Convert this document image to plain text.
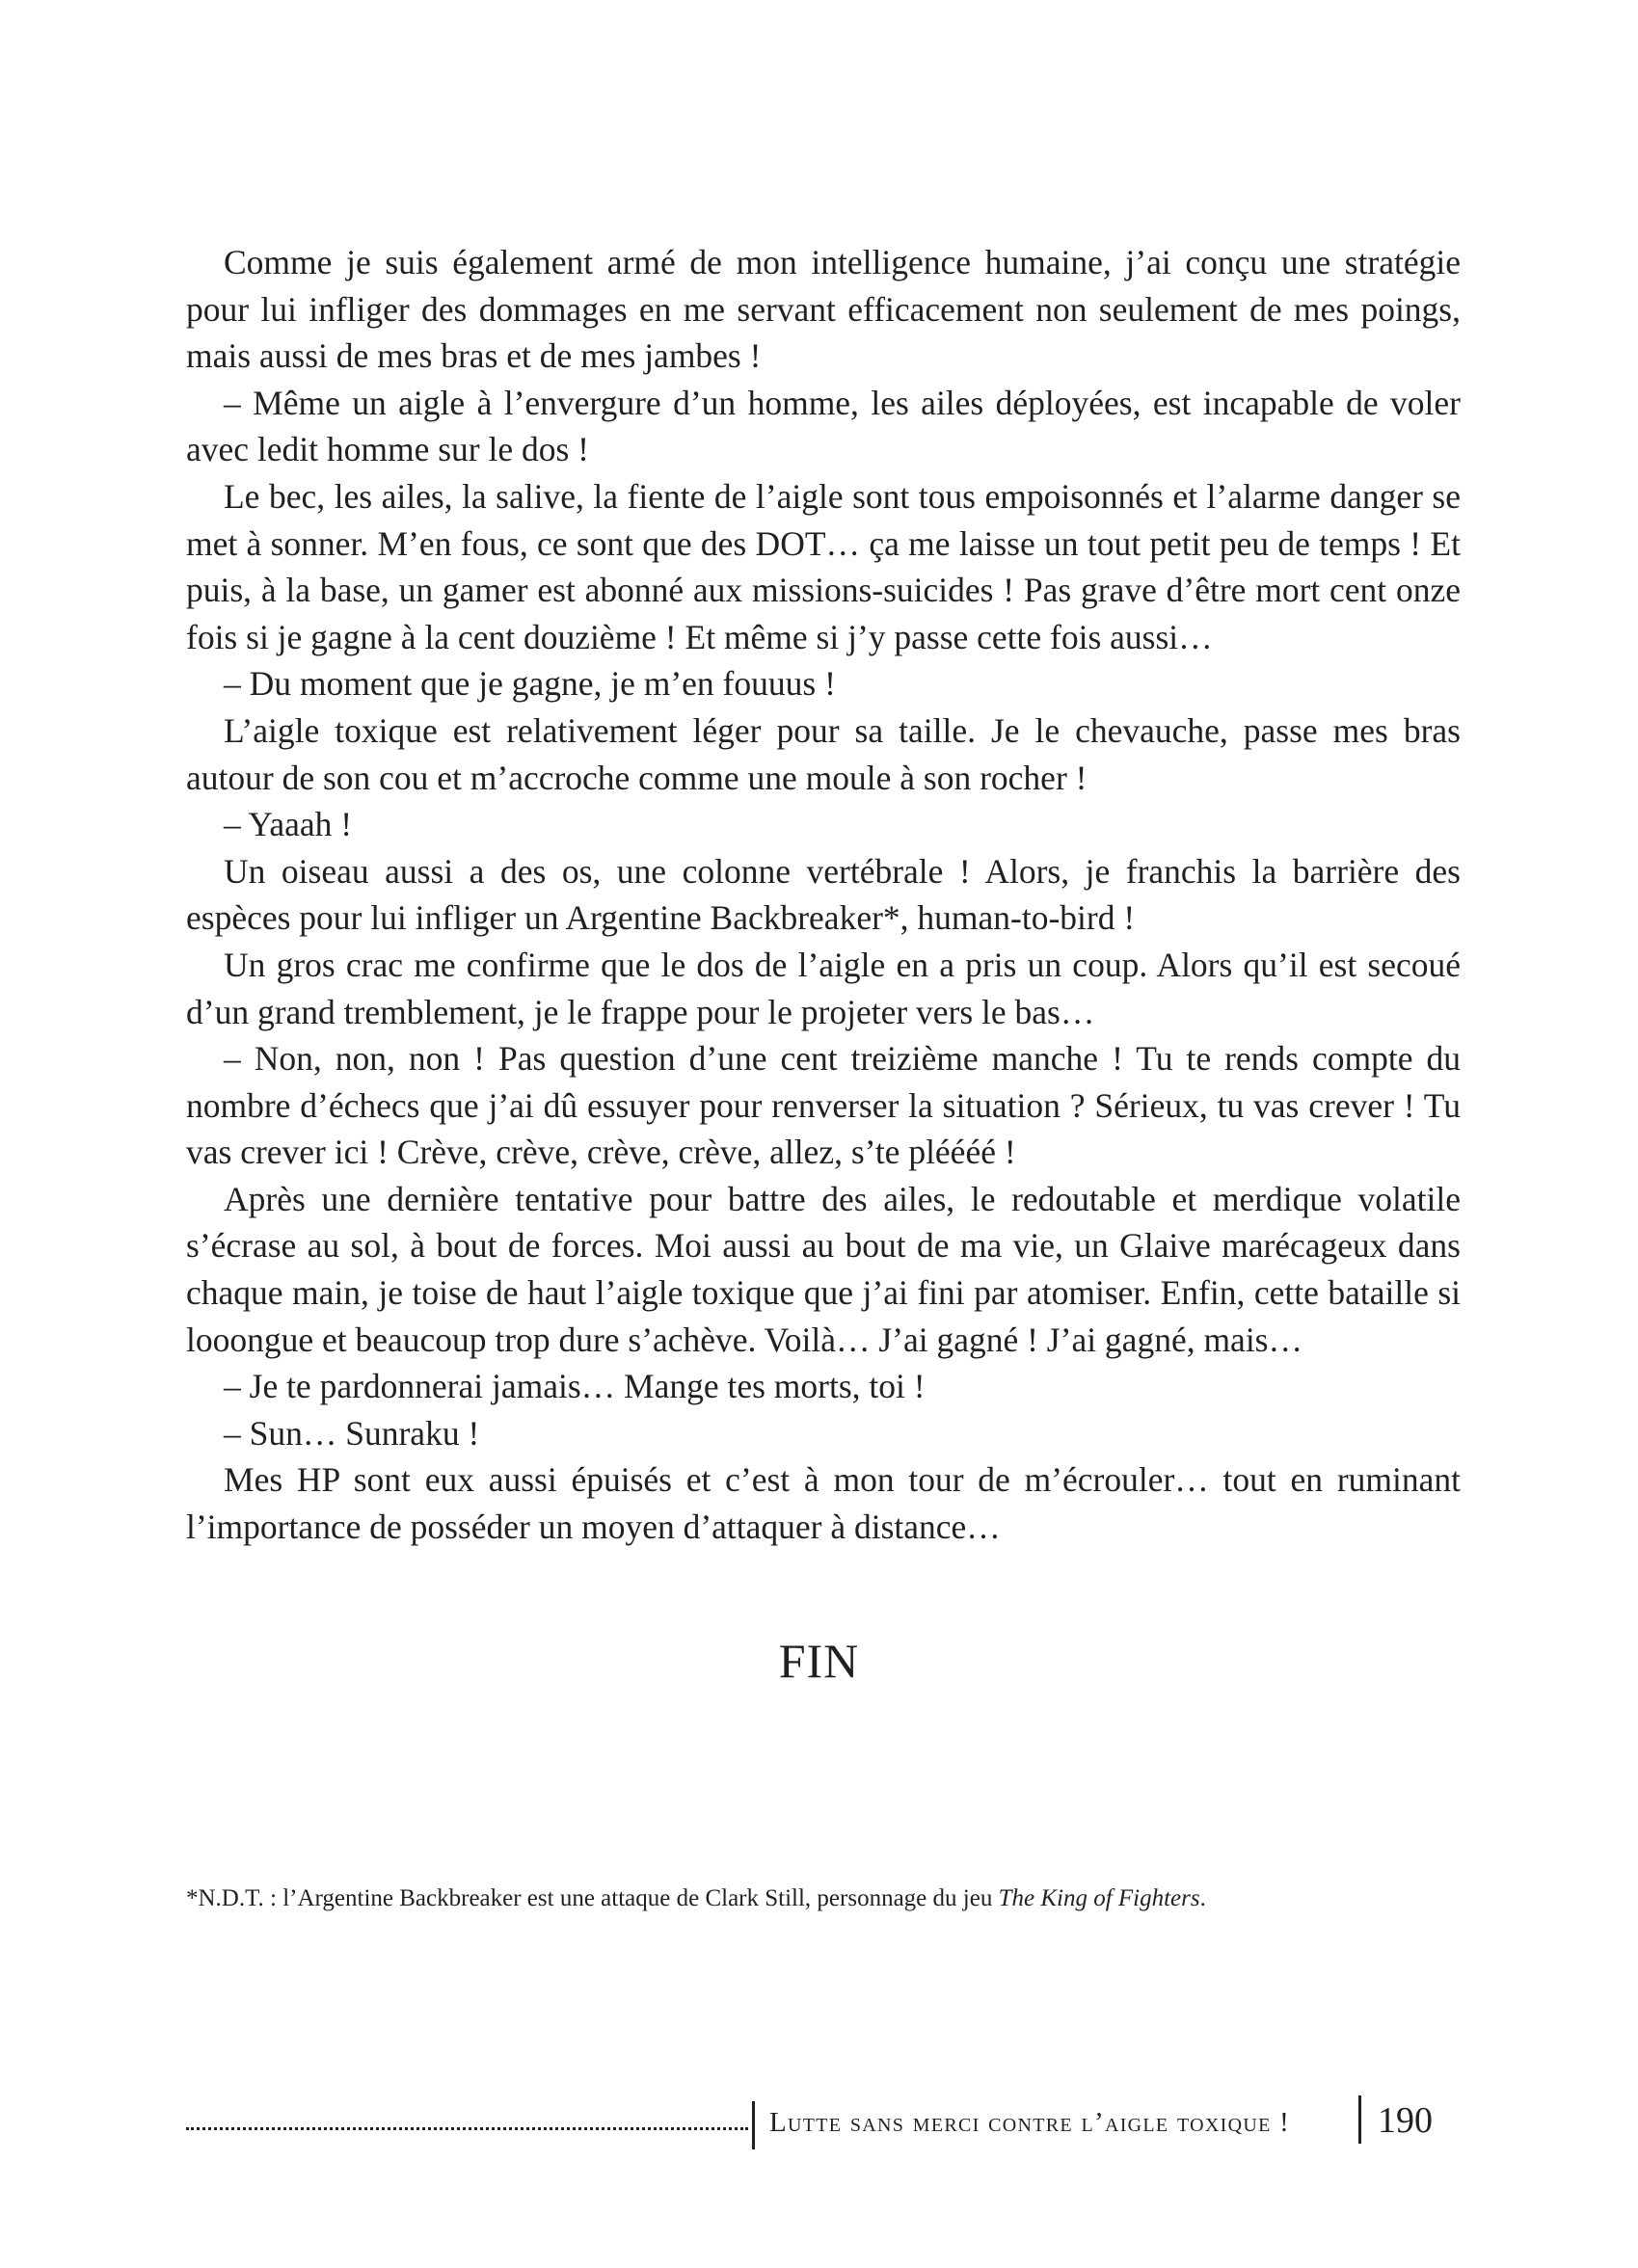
Comme je suis également armé de mon intelligence humaine, j’ai conçu une stratégie pour lui infliger des dommages en me servant efficacement non seulement de mes poings, mais aussi de mes bras et de mes jambes !

– Même un aigle à l’envergure d’un homme, les ailes déployées, est incapable de voler avec ledit homme sur le dos !

Le bec, les ailes, la salive, la fiente de l’aigle sont tous empoisonnés et l’alarme danger se met à sonner. M’en fous, ce sont que des DOT… ça me laisse un tout petit peu de temps ! Et puis, à la base, un gamer est abonné aux missions-suicides ! Pas grave d’être mort cent onze fois si je gagne à la cent douzième ! Et même si j’y passe cette fois aussi…

– Du moment que je gagne, je m’en fouuus !

L’aigle toxique est relativement léger pour sa taille. Je le chevauche, passe mes bras autour de son cou et m’accroche comme une moule à son rocher !

– Yaaah !

Un oiseau aussi a des os, une colonne vertébrale ! Alors, je franchis la barrière des espèces pour lui infliger un Argentine Backbreaker*, human-to-bird !

Un gros crac me confirme que le dos de l’aigle en a pris un coup. Alors qu’il est secoué d’un grand tremblement, je le frappe pour le projeter vers le bas…

– Non, non, non ! Pas question d’une cent treizième manche ! Tu te rends compte du nombre d’échecs que j’ai dû essuyer pour renverser la situation ? Sérieux, tu vas crever ! Tu vas crever ici ! Crève, crève, crève, crève, allez, s’te pléééé !

Après une dernière tentative pour battre des ailes, le redoutable et merdique volatile s’écrase au sol, à bout de forces. Moi aussi au bout de ma vie, un Glaive marécageux dans chaque main, je toise de haut l’aigle toxique que j’ai fini par atomiser. Enfin, cette bataille si looongue et beaucoup trop dure s’achève. Voilà… J’ai gagné ! J’ai gagné, mais…

– Je te pardonnerai jamais… Mange tes morts, toi !

– Sun… Sunraku !

Mes HP sont eux aussi épuisés et c’est à mon tour de m’écrouler… tout en ruminant l’importance de posséder un moyen d’attaquer à distance…

FIN
*N.D.T. : l’Argentine Backbreaker est une attaque de Clark Still, personnage du jeu The King of Fighters.
Lutte sans merci contre l’aigle toxique !	190
